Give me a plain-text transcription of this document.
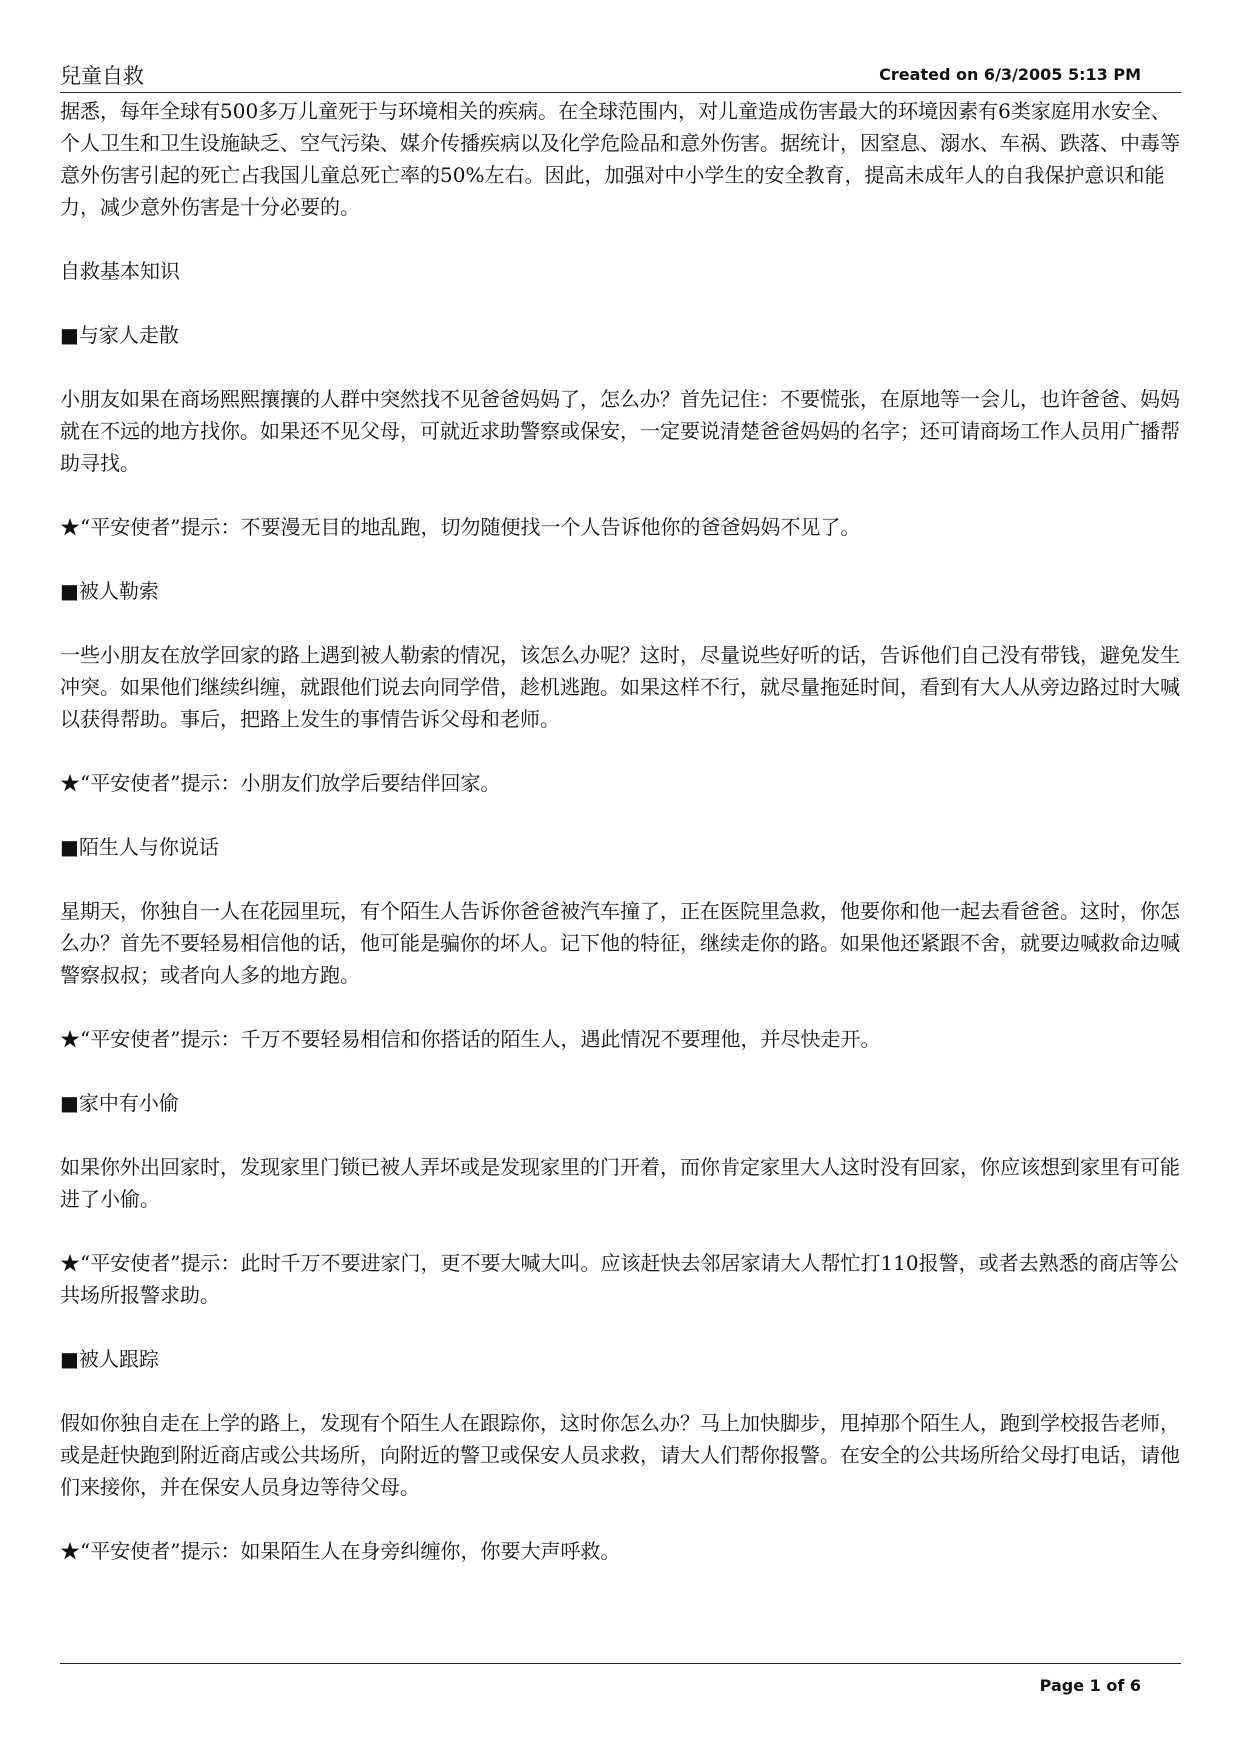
兒童自救	Created on 6/3/2005 5:13 PM

据悉，每年全球有500多万儿童死于与环境相关的疾病。在全球范围内，对儿童造成伤害最大的环境因素有6类家庭用水安全、个人卫生和卫生设施缺乏、空气污染、媒介传播疾病以及化学危险品和意外伤害。据统计，因窒息、溺水、车祸、跌落、中毒等意外伤害引起的死亡占我国儿童总死亡率的50%左右。因此，加强对中小学生的安全教育，提高未成年人的自我保护意识和能力，减少意外伤害是十分必要的。

自救基本知识

■与家人走散

小朋友如果在商场熙熙攘攘的人群中突然找不见爸爸妈妈了，怎么办？首先记住：不要慌张，在原地等一会儿，也许爸爸、妈妈就在不远的地方找你。如果还不见父母，可就近求助警察或保安，一定要说清楚爸爸妈妈的名字；还可请商场工作人员用广播帮助寻找。

★“平安使者”提示：不要漫无目的地乱跑，切勿随便找一个人告诉他你的爸爸妈妈不见了。

■被人勒索

一些小朋友在放学回家的路上遇到被人勒索的情况，该怎么办呢？这时，尽量说些好听的话，告诉他们自己没有带钱，避免发生冲突。如果他们继续纠缠，就跟他们说去向同学借，趁机逃跑。如果这样不行，就尽量拖延时间，看到有大人从旁边路过时大喊以获得帮助。事后，把路上发生的事情告诉父母和老师。

★“平安使者”提示：小朋友们放学后要结伴回家。

■陌生人与你说话

星期天，你独自一人在花园里玩，有个陌生人告诉你爸爸被汽车撞了，正在医院里急救，他要你和他一起去看爸爸。这时，你怎么办？首先不要轻易相信他的话，他可能是骗你的坏人。记下他的特征，继续走你的路。如果他还紧跟不舍，就要边喊救命边喊警察叔叔；或者向人多的地方跑。

★“平安使者”提示：千万不要轻易相信和你搭话的陌生人，遇此情况不要理他，并尽快走开。

■家中有小偷

如果你外出回家时，发现家里门锁已被人弄坏或是发现家里的门开着，而你肯定家里大人这时没有回家，你应该想到家里有可能进了小偷。

★“平安使者”提示：此时千万不要进家门，更不要大喊大叫。应该赶快去邻居家请大人帮忙打110报警，或者去熟悉的商店等公共场所报警求助。

■被人跟踪

假如你独自走在上学的路上，发现有个陌生人在跟踪你，这时你怎么办？马上加快脚步，甩掉那个陌生人，跑到学校报告老师，或是赶快跑到附近商店或公共场所，向附近的警卫或保安人员求救，请大人们帮你报警。在安全的公共场所给父母打电话，请他们来接你，并在保安人员身边等待父母。

★“平安使者”提示：如果陌生人在身旁纠缠你，你要大声呼救。

Page 1 of 6
